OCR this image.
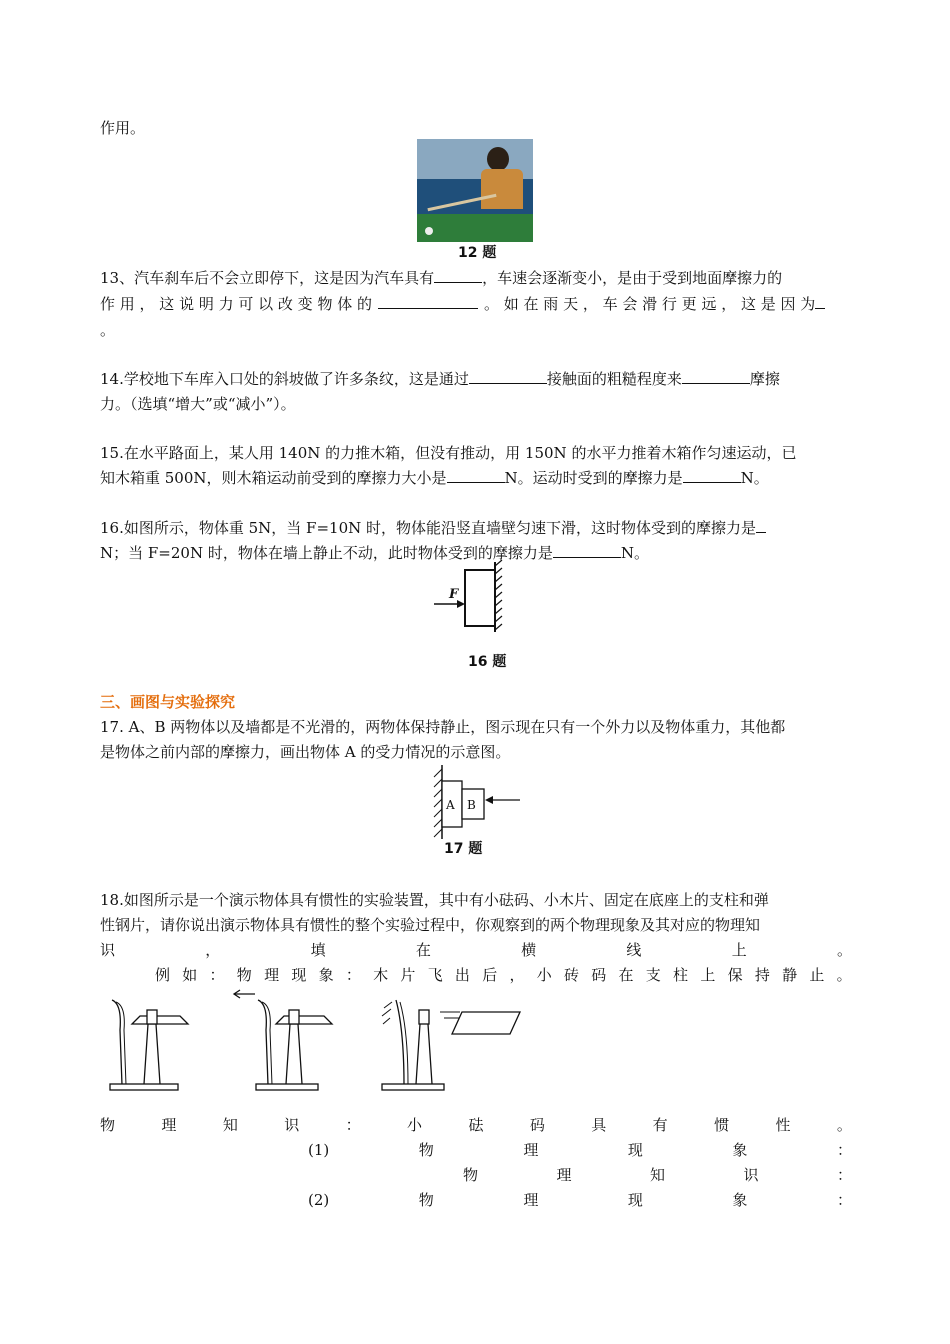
作用。
12 题
13、汽车刹车后不会立即停下，这是因为汽车具有	，车速会逐渐变小，是由于受到地面摩擦力的
作 用 ， 这 说 明 力 可 以 改 变 物 体 的	。 如 在 雨 天 ， 车 会 滑 行 更 远 ， 这 是 因 为
。
14.学校地下车库入口处的斜坡做了许多条纹，这是通过	接触面的粗糙程度来	摩擦
力。（选填“增大”或“减小”）。
15.在水平路面上，某人用 140N 的力推木箱，但没有推动，用 150N 的水平力推着木箱作匀速运动，已
知木箱重 500N，则木箱运动前受到的摩擦力大小是	N。运动时受到的摩擦力是	N。
16.如图所示，物体重 5N，当 F=10N 时，物体能沿竖直墙壁匀速下滑，这时物体受到的摩擦力是
N；当 F=20N 时，物体在墙上静止不动，此时物体受到的摩擦力是	N。
F
16 题
三、画图与实验探究
17. A、B 两物体以及墙都是不光滑的，两物体保持静止，图示现在只有一个外力以及物体重力，其他都
是物体之前内部的摩擦力，画出物体 A 的受力情况的示意图。
A B
17 题
18.如图所示是一个演示物体具有惯性的实验装置，其中有小砝码、小木片、固定在底座上的支柱和弹
性钢片，请你说出演示物体具有惯性的整个实验过程中，你观察到的两个物理现象及其对应的物理知
识	，	填	在	横	线	上	。
例 如 ： 物 理 现 象 ： 木 片 飞 出 后 ， 小 砖 码 在 支 柱 上 保 持 静 止 。
物	理	知	识	：	小	砝	码	具	有	惯	性	。
(1)	物	理	现	象	：
物	理	知	识	：
(2)	物	理	现	象	：
